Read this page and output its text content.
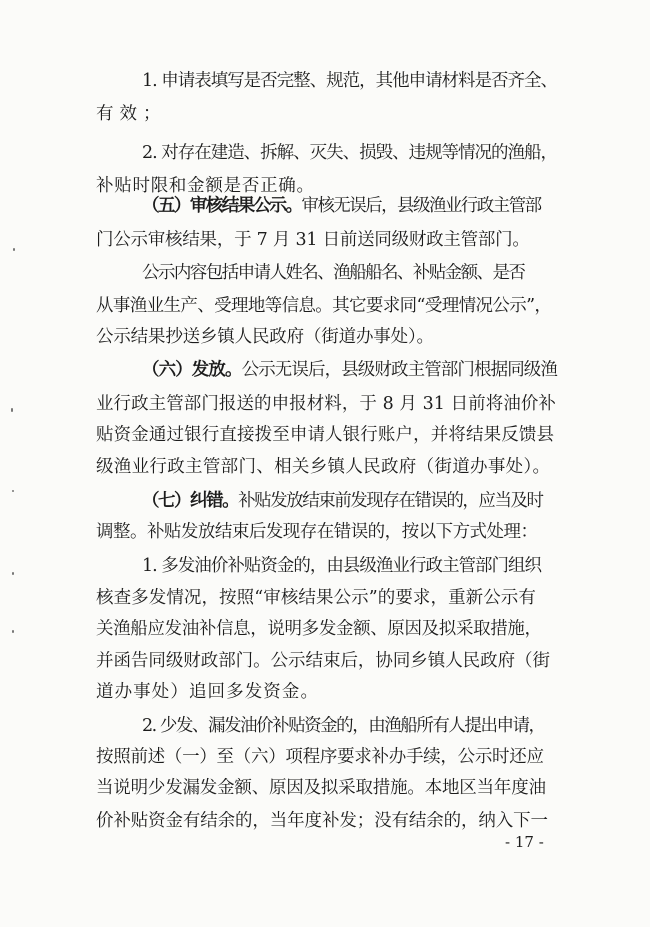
1. 申请表填写是否完整、规范，其他申请材料是否齐全、
有效；
2. 对存在建造、拆解、灭失、损毁、违规等情况的渔船，
补贴时限和金额是否正确。
（五）审核结果公示。审核无误后，县级渔业行政主管部
门公示审核结果，于 7 月 31 日前送同级财政主管部门。
公示内容包括申请人姓名、渔船船名、补贴金额、是否
从事渔业生产、受理地等信息。其它要求同“受理情况公示”，
公示结果抄送乡镇人民政府（街道办事处）。
（六）发放。公示无误后，县级财政主管部门根据同级渔
业行政主管部门报送的申报材料，于 8 月 31 日前将油价补
贴资金通过银行直接拨至申请人银行账户，并将结果反馈县
级渔业行政主管部门、相关乡镇人民政府（街道办事处）。
（七）纠错。补贴发放结束前发现存在错误的，应当及时
调整。补贴发放结束后发现存在错误的，按以下方式处理：
1. 多发油价补贴资金的，由县级渔业行政主管部门组织
核查多发情况，按照“审核结果公示”的要求，重新公示有
关渔船应发油补信息，说明多发金额、原因及拟采取措施，
并函告同级财政部门。公示结束后，协同乡镇人民政府（街
道办事处）追回多发资金。
2. 少发、漏发油价补贴资金的，由渔船所有人提出申请，
按照前述（一）至（六）项程序要求补办手续，公示时还应
当说明少发漏发金额、原因及拟采取措施。本地区当年度油
价补贴资金有结余的，当年度补发；没有结余的，纳入下一
- 17 -
